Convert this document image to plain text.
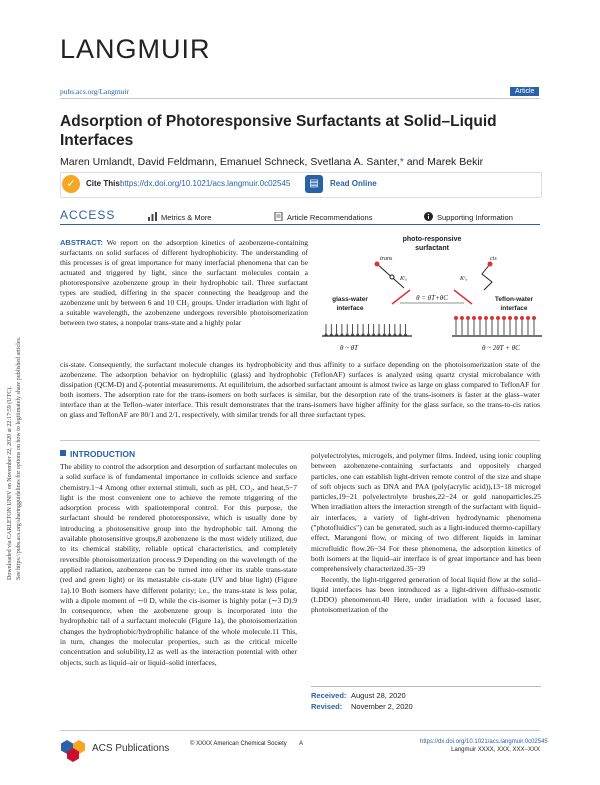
Downloaded via CARLETON UNIV on November 22, 2020 at 22:17:59 (UTC). See https://pubs.acs.org/sharingguidelines for options on how to legitimately share published articles.
LANGMUIR
pubs.acs.org/Langmuir	Article
Adsorption of Photoresponsive Surfactants at Solid–Liquid Interfaces
Maren Umlandt, David Feldmann, Emanuel Schneck, Svetlana A. Santer,* and Marek Bekir
✓	Cite This:
https://dx.doi.org/10.1021/acs.langmuir.0c02545	▤	Read Online
ACCESS	Metrics & More	Article Recommendations	Supporting Information
ABSTRACT: We report on the adsorption kinetics of azobenzene-containing surfactants on solid surfaces of different hydrophobicity. The understanding of this processes is of great importance for many interfacial phenomena that can be actuated and triggered by light, since the surfactant molecules contain a photoresponsive azobenzene group in their hydrophobic tail. Three surfactant types are studied, differing in the spacer connecting the headgroup and the azobenzene unit by between 6 and 10 CH₂ groups. Under irradiation with light of a suitable wavelength, the azobenzene undergoes reversible photoisomerization between two states, a nonpolar trans-state and a highly polar
photo-responsive
surfactant
trans	cis
Kᵗₐ	Kᶜₐ
θ = θT+θC
glass-water
interface
Teflon-water
interface
θ ~ θT	θ ~ 2θT + θC
cis-state. Consequently, the surfactant molecule changes its hydrophobicity and thus affinity to a surface depending on the photoisomerization state of the azobenzene. The adsorption behavior on hydrophilic (glass) and hydrophobic (TeflonAF) surfaces is analyzed using quartz crystal microbalance with dissipation (QCM-D) and ζ-potential measurements. At equilibrium, the adsorbed surfactant amount is almost twice as large on glass compared to TeflonAF for both isomers. The adsorption rate for the trans-isomers on both surfaces is similar, but the desorption rate of the trans-isomers is faster at the glass–water interface than at the Teflon–water interface. This result demonstrates that the trans-isomers have higher affinity for the glass surface, so the trans-to-cis ratios on glass and TeflonAF are 80/1 and 2/1, respectively, with similar trends for all three surfactant types.
INTRODUCTION

The ability to control the adsorption and desorption of surfactant molecules on a solid surface is of fundamental importance in colloids science and surface chemistry.1−4 Among other external stimuli, such as pH, CO₂, and heat,5−7 light is the most convenient one to achieve the remote triggering of the adsorption process with spatiotemporal control. For this purpose, the surfactant should be rendered photoresponsive, which is usually done by introducing a photosensitive group into the hydrophobic tail. Among the available photosensitive groups,8 azobenzene is the most widely utilized, due to its chemical stability, reliable optical characteristics, and completely reversible photoisomerization process.9 Depending on the wavelength of the applied radiation, azobenzene can be turned into either its stable trans-state (red and green light) or its metastable cis-state (UV and blue light) (Figure 1a).10 Both isomers have different polarity; i.e., the trans-state is less polar, with a dipole moment of ∼0 D, while the cis-isomer is highly polar (∼3 D).9 In consequence, when the azobenzene group is incorporated into the hydrophobic tail of a surfactant molecule (Figure 1a), the photoisomerization changes the hydrophobic/hydrophilic balance of the whole molecule.11 This, in turn, changes the molecular properties, such as the critical micelle concentration and solubility,12 as well as the interaction potential with other objects, such as liquid–air or liquid–solid interfaces,

polyelectrolytes, microgels, and polymer films. Indeed, using ionic coupling between azobenzene-containing surfactants and oppositely charged particles, one can establish light-driven remote control of the size and shape of soft objects such as DNA and PAA (poly(acrylic acid)),13−18 microgel particles,19−21 polyelectrolyte brushes,22−24 or gold nanoparticles.25 When irradiation alters the interaction strength of the surfactant with liquid–air interfaces, a variety of light-driven hydrodynamic phenomena ("photofluidics") can be generated, such as a light-induced thermo-capillary effect, Marangoni flow, or mixing of two different liquids in laminar microfluidic flow.26−34 For these phenomena, the adsorption kinetics of both isomers at the liquid–air interface is of great importance and has been comprehensively characterized.35−39

Recently, the light-triggered generation of local liquid flow at the solid–liquid interfaces has been introduced as a light-driven diffusio-osmotic (LDDO) phenomenon.40 Here, under irradiation with a focused laser, photoisomerization of the

Received: August 28, 2020
Revised: November 2, 2020
ACS Publications	© XXXX American Chemical Society A	https://dx.doi.org/10.1021/acs.langmuir.0c02545
Langmuir XXXX, XXX, XXX−XXX
